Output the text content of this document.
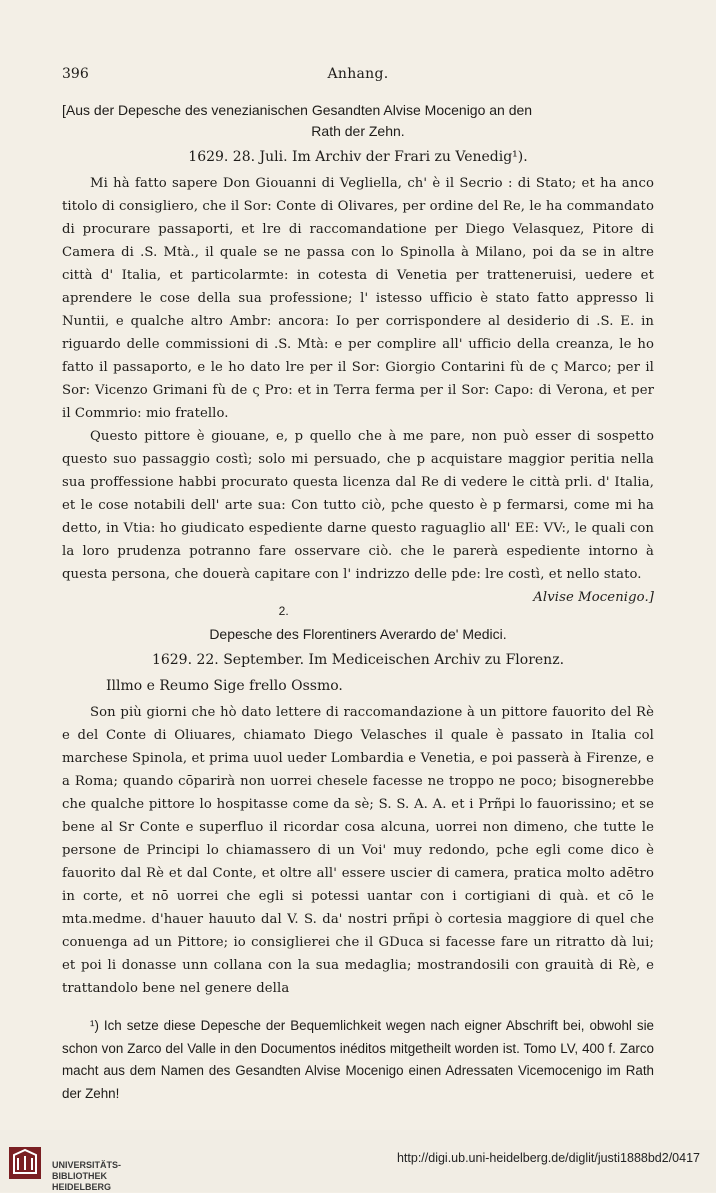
396	Anhang.

[Aus der Depesche des venezianischen Gesandten Alvise Mocenigo an den

Rath der Zehn.

1629. 28. Juli. Im Archiv der Frari zu Venedig¹).

Mi hà fatto sapere Don Giouanni di Vegliella, ch' è il Secrio : di Stato; et ha anco titolo di consigliero, che il Sor: Conte di Olivares, per ordine del Re, le ha commandato di procurare passaporti, et lre di raccomandatione per Diego Velasquez, Pitore di Camera di .S. Mtà., il quale se ne passa con lo Spinolla à Milano, poi da se in altre città d' Italia, et particolarmte: in cotesta di Venetia per tratteneruisi, uedere et aprendere le cose della sua professione; l' istesso ufficio è stato fatto appresso li Nuntii, e qualche altro Ambr: ancora: Io per corrispondere al desiderio di .S. E. in riguardo delle commissioni di .S. Mtà: e per complire all' ufficio della creanza, le ho fatto il passaporto, e le ho dato lre per il Sor: Giorgio Contarini fù de ς Marco; per il Sor: Vicenzo Grimani fù de ς Pro: et in Terra ferma per il Sor: Capo: di Verona, et per il Commrio: mio fratello.

Questo pittore è giouane, e, p quello che à me pare, non può esser di sospetto questo suo passaggio costì; solo mi persuado, che p acquistare maggior peritia nella sua proffessione habbi procurato questa licenza dal Re di vedere le città prli. d' Italia, et le cose notabili dell' arte sua: Con tutto ciò, pche questo è p fermarsi, come mi ha detto, in Vtia: ho giudicato espediente darne questo raguaglio all' EE: VV:, le quali con la loro prudenza potranno fare osservare ciò. che le parerà espediente intorno à questa persona, che douerà capitare con l' indrizzo delle pde: lre costì, et nello stato.
Alvise Mocenigo.]

2.

Depesche des Florentiners Averardo de' Medici.

1629. 22. September. Im Mediceischen Archiv zu Florenz.

Illmo e Reumo Sige frello Ossmo.

Son più giorni che hò dato lettere di raccomandazione à un pittore fauorito del Rè e del Conte di Oliuares, chiamato Diego Velasches il quale è passato in Italia col marchese Spinola, et prima uuol ueder Lombardia e Venetia, e poi passerà à Firenze, e a Roma; quando cōparirà non uorrei chesele facesse ne troppo ne poco; bisognerebbe che qualche pittore lo hospitasse come da sè; S. S. A. A. et i Prñpi lo fauorissino; et se bene al Sr Conte e superfluo il ricordar cosa alcuna, uorrei non dimeno, che tutte le persone de Principi lo chiamassero di un Voi' muy redondo, pche egli come dico è fauorito dal Rè et dal Conte, et oltre all' essere uscier di camera, pratica molto adētro in corte, et nō uorrei che egli si potessi uantar con i cortigiani di quà. et cō le mta.medme. d'hauer hauuto dal V. S. da' nostri prñpi ò cortesia maggiore di quel che conuenga ad un Pittore; io consiglierei che il GDuca si facesse fare un ritratto dà lui; et poi li donasse unn collana con la sua medaglia; mostrandosili con grauità di Rè, e trattandolo bene nel genere della

¹) Ich setze diese Depesche der Bequemlichkeit wegen nach eigner Abschrift bei, obwohl sie schon von Zarco del Valle in den Documentos inéditos mitgetheilt worden ist. Tomo LV, 400 f. Zarco macht aus dem Namen des Gesandten Alvise Mocenigo einen Adressaten Vicemocenigo im Rath der Zehn!

UNIVERSITÄTS-
BIBLIOTHEK
HEIDELBERG
http://digi.ub.uni-heidelberg.de/diglit/justi1888bd2/0417
